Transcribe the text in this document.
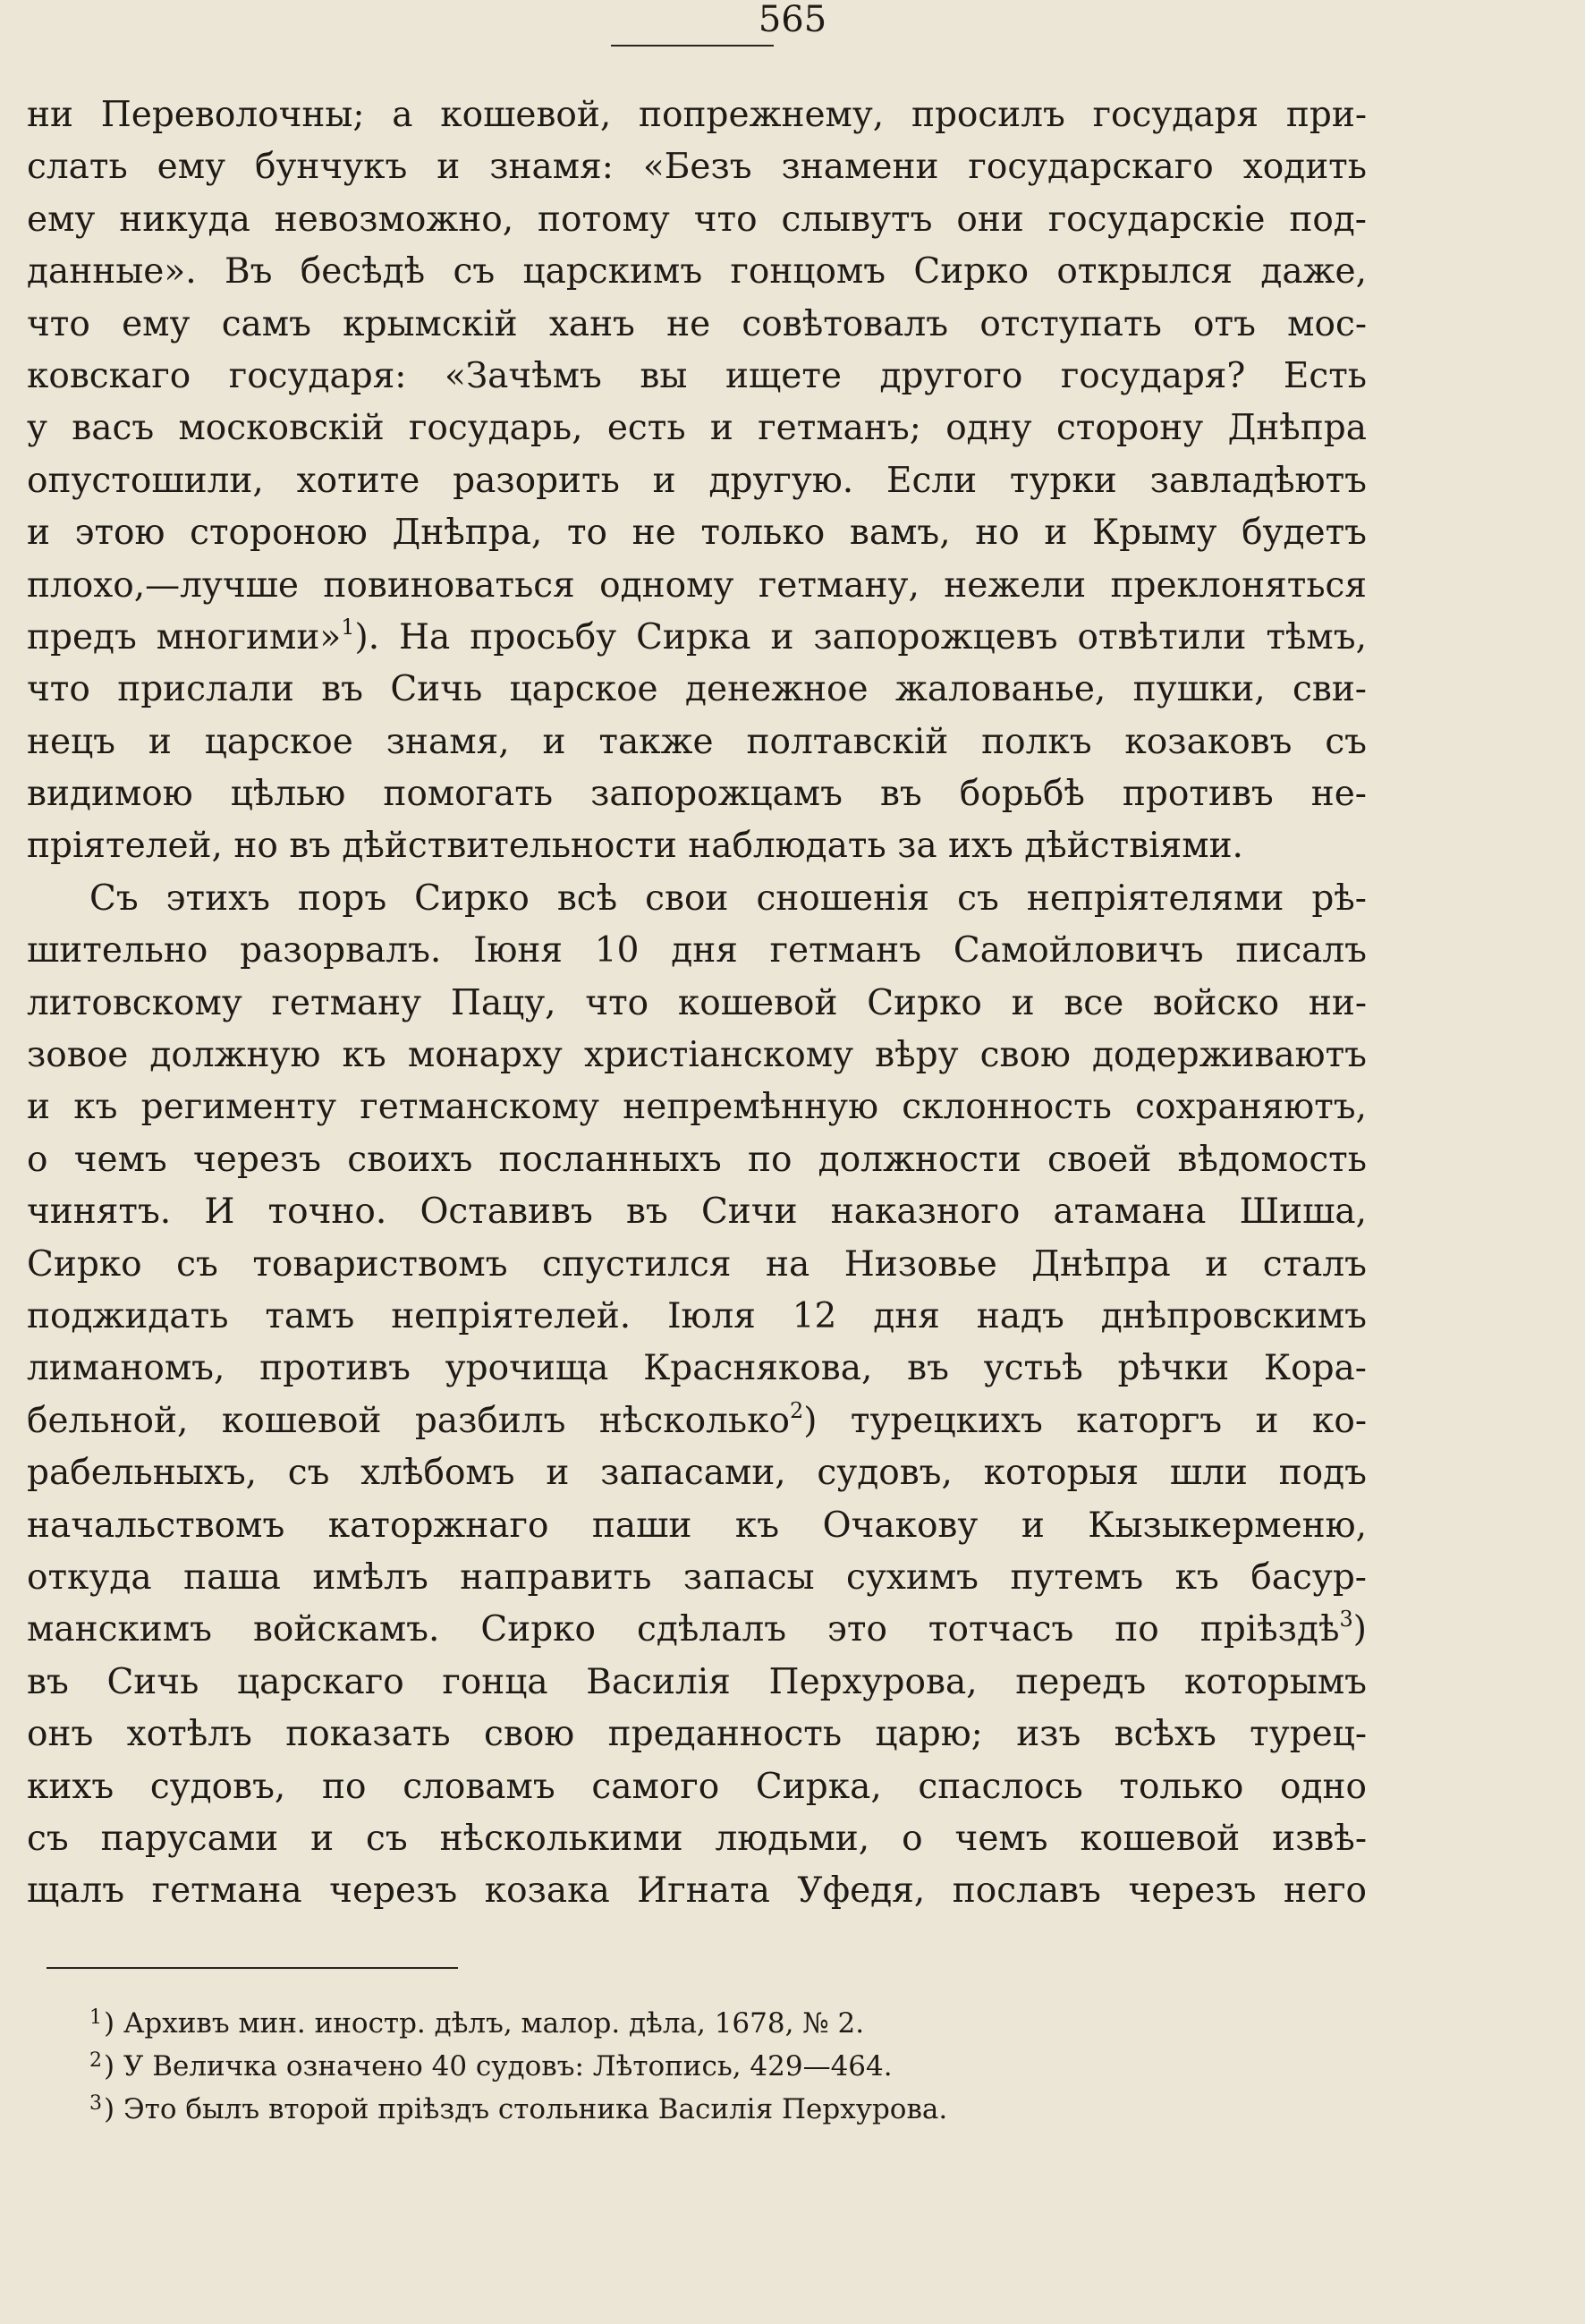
565
ни Переволочны; а кошевой, попрежнему, просилъ государя при-
слать ему бунчукъ и знамя: «Безъ знамени государскаго ходить
ему никуда невозможно, потому что слывутъ они государскіе под-
данные». Въ бесѣдѣ съ царскимъ гонцомъ Сирко открылся даже,
что ему самъ крымскій ханъ не совѣтовалъ отступать отъ мос-
ковскаго государя: «Зачѣмъ вы ищете другого государя? Есть
у васъ московскій государь, есть и гетманъ; одну сторону Днѣпра
опустошили, хотите разорить и другую. Если турки завладѣютъ
и этою стороною Днѣпра, то не только вамъ, но и Крыму будетъ
плохо,—лучше повиноваться одному гетману, нежели преклоняться
предъ многими»$^1$). На просьбу Сирка и запорожцевъ отвѣтили тѣмъ,
что прислали въ Сичь царское денежное жалованье, пушки, сви-
нецъ и царское знамя, и также полтавскій полкъ козаковъ съ
видимою цѣлью помогать запорожцамъ въ борьбѣ противъ не-
пріятелей, но въ дѣйствительности наблюдать за ихъ дѣйствіями.
Съ этихъ поръ Сирко всѣ свои сношенія съ непріятелями рѣ-
шительно разорвалъ. Іюня 10 дня гетманъ Самойловичъ писалъ
литовскому гетману Пацу, что кошевой Сирко и все войско ни-
зовое должную къ монарху христіанскому вѣру свою додерживаютъ
и къ регименту гетманскому непремѣнную склонность сохраняютъ,
о чемъ черезъ своихъ посланныхъ по должности своей вѣдомость
чинятъ. И точно. Оставивъ въ Сичи наказного атамана Шиша,
Сирко съ товариствомъ спустился на Низовье Днѣпра и сталъ
поджидать тамъ непріятелей. Іюля 12 дня надъ днѣпровскимъ
лиманомъ, противъ урочища Краснякова, въ устьѣ рѣчки Кора-
бельной, кошевой разбилъ нѣсколько$^2$) турецкихъ каторгъ и ко-
рабельныхъ, съ хлѣбомъ и запасами, судовъ, которыя шли подъ
начальствомъ каторжнаго паши къ Очакову и Кызыкерменю,
откуда паша имѣлъ направить запасы сухимъ путемъ къ басур-
манскимъ войскамъ. Сирко сдѣлалъ это тотчасъ по пріѣздѣ$^3$)
въ Сичь царскаго гонца Василія Перхурова, передъ которымъ
онъ хотѣлъ показать свою преданность царю; изъ всѣхъ турец-
кихъ судовъ, по словамъ самого Сирка, спаслось только одно
съ парусами и съ нѣсколькими людьми, о чемъ кошевой извѣ-
щалъ гетмана черезъ козака Игната Уфедя, пославъ черезъ него
$^1$) Архивъ мин. иностр. дѣлъ, малор. дѣла, 1678, № 2.
$^2$) У Величка означено 40 судовъ: Лѣтопись, 429—464.
$^3$) Это былъ второй пріѣздъ стольника Василія Перхурова.
